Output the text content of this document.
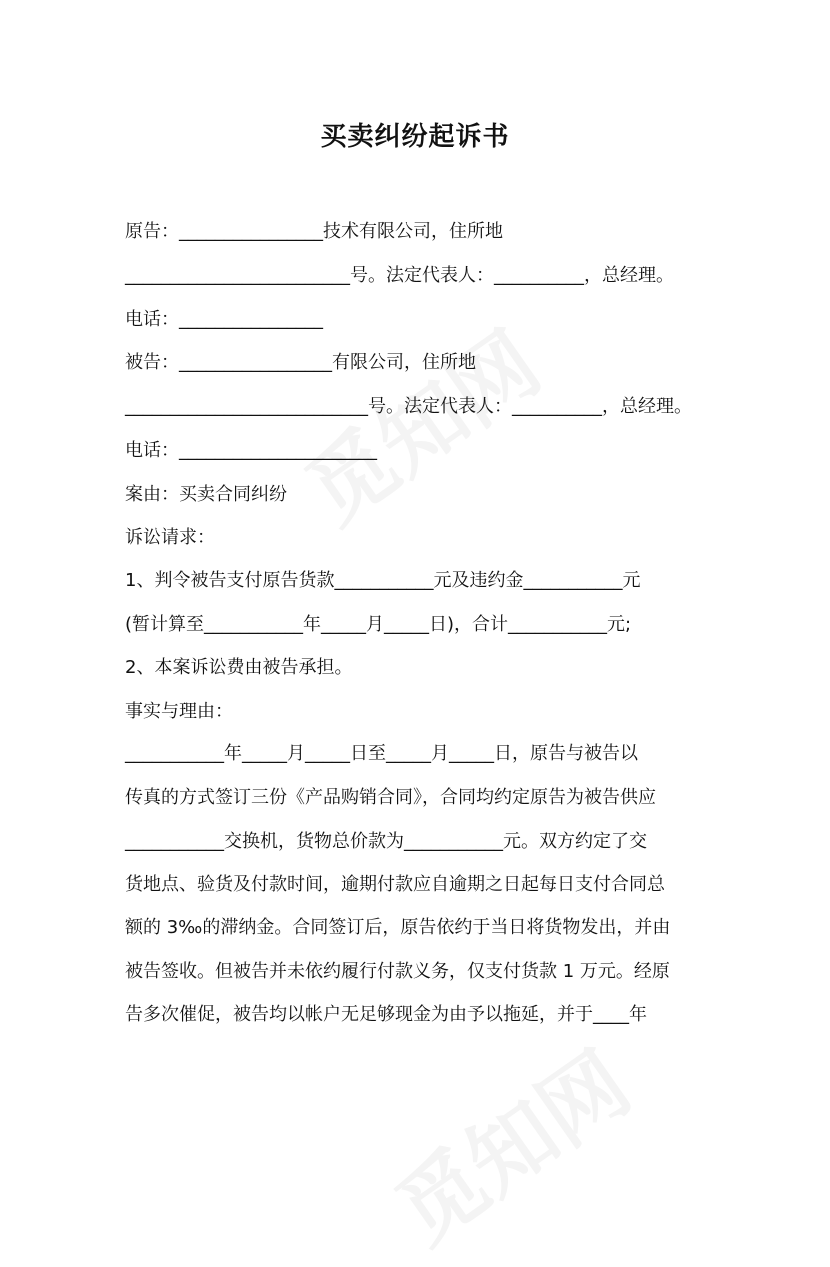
买卖纠纷起诉书
原告：________________技术有限公司，住所地
_________________________号。法定代表人：__________，总经理。
电话：________________
被告：_________________有限公司，住所地
___________________________号。法定代表人：__________，总经理。
电话：______________________
案由：买卖合同纠纷
诉讼请求：
1、判令被告支付原告货款___________元及违约金___________元
(暂计算至___________年_____月_____日)，合计___________元;
2、本案诉讼费由被告承担。
事实与理由：
___________年_____月_____日至_____月_____日，原告与被告以
传真的方式签订三份《产品购销合同》，合同均约定原告为被告供应
___________交换机，货物总价款为___________元。双方约定了交
货地点、验货及付款时间，逾期付款应自逾期之日起每日支付合同总
额的 3‰的滞纳金。合同签订后，原告依约于当日将货物发出，并由
被告签收。但被告并未依约履行付款义务，仅支付货款 1 万元。经原
告多次催促，被告均以帐户无足够现金为由予以拖延，并于____年
